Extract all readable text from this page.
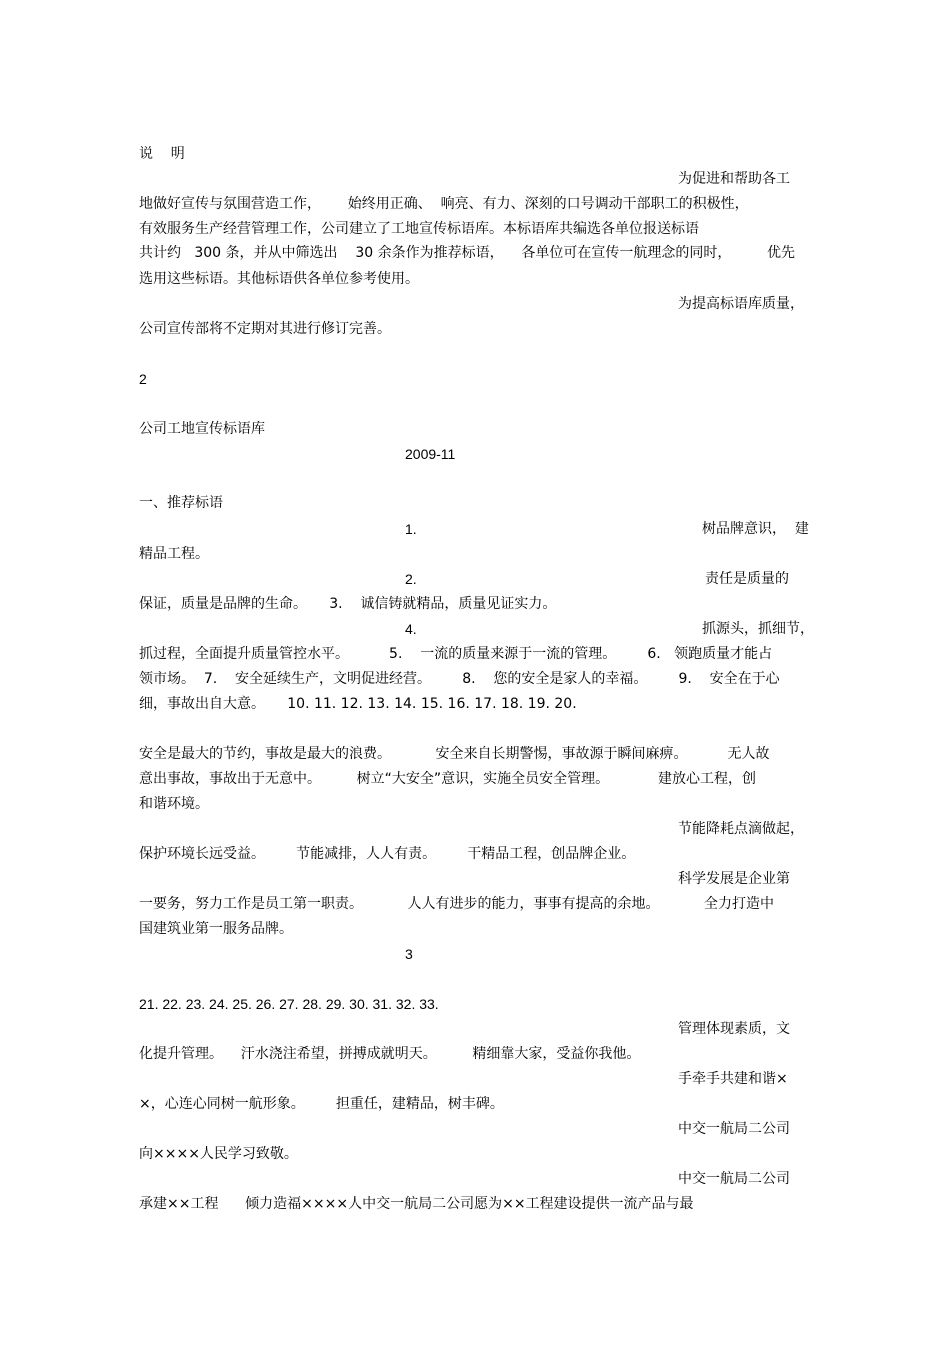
说    明
为促进和帮助各工
地做好宣传与氛围营造工作，      始终用正确、  响亮、有力、深刻的口号调动干部职工的积极性，
有效服务生产经营管理工作，公司建立了工地宣传标语库。本标语库共编选各单位报送标语
共计约   300 条，并从中筛选出    30 余条作为推荐标语，    各单位可在宣传一航理念的同时，        优先
选用这些标语。其他标语供各单位参考使用。
为提高标语库质量，
公司宣传部将不定期对其进行修订完善。
2
公司工地宣传标语库
2009-11
一、推荐标语
1.	树品牌意识，  建
精品工程。
2.	责任是质量的
保证，质量是品牌的生命。     3.    诚信铸就精品，质量见证实力。
4.	抓源头，抓细节，
抓过程，全面提升质量管控水平。         5.    一流的质量来源于一流的管理。       6.   领跑质量才能占
领市场。  7.    安全延续生产，文明促进经营。       8.    您的安全是家人的幸福。       9.    安全在于心
细，事故出自大意。     10. 11. 12. 13. 14. 15. 16. 17. 18. 19. 20.
安全是最大的节约，事故是最大的浪费。          安全来自长期警惕，事故源于瞬间麻痹。         无人故
意出事故，事故出于无意中。        树立“大安全”意识，实施全员安全管理。           建放心工程，创
和谐环境。
节能降耗点滴做起，
保护环境长远受益。       节能减排，人人有责。       干精品工程，创品牌企业。
科学发展是企业第
一要务，努力工作是员工第一职责。          人人有进步的能力，事事有提高的余地。          全力打造中
国建筑业第一服务品牌。
3
21. 22. 23. 24. 25. 26. 27. 28. 29. 30. 31. 32. 33.
管理体现素质，文
化提升管理。    汗水浇注希望，拼搏成就明天。        精细靠大家，受益你我他。
手牵手共建和谐×
×，心连心同树一航形象。       担重任，建精品，树丰碑。
中交一航局二公司
向××××人民学习致敬。
中交一航局二公司
承建××工程      倾力造福××××人中交一航局二公司愿为××工程建设提供一流产品与最
